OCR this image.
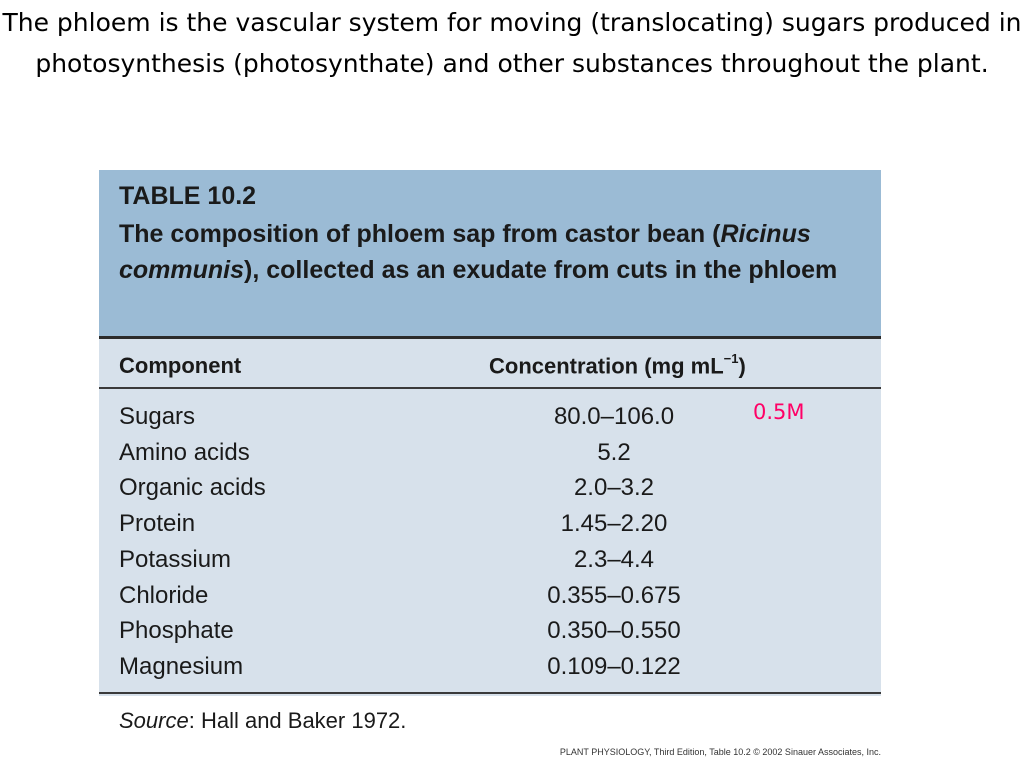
The phloem is the vascular system for moving (translocating) sugars produced in photosynthesis (photosynthate) and other substances throughout the plant.
TABLE 10.2
The composition of phloem sap from castor bean (Ricinus communis), collected as an exudate from cuts in the phloem
Component	Concentration (mg $mL^{-1}$)
Sugars	80.0–106.0
Amino acids	5.2
Organic acids	2.0–3.2
Protein	1.45–2.20
Potassium	2.3–4.4
Chloride	0.355–0.675
Phosphate	0.350–0.550
Magnesium	0.109–0.122
0.5M
Source: Hall and Baker 1972.
PLANT PHYSIOLOGY, Third Edition, Table 10.2 © 2002 Sinauer Associates, Inc.
